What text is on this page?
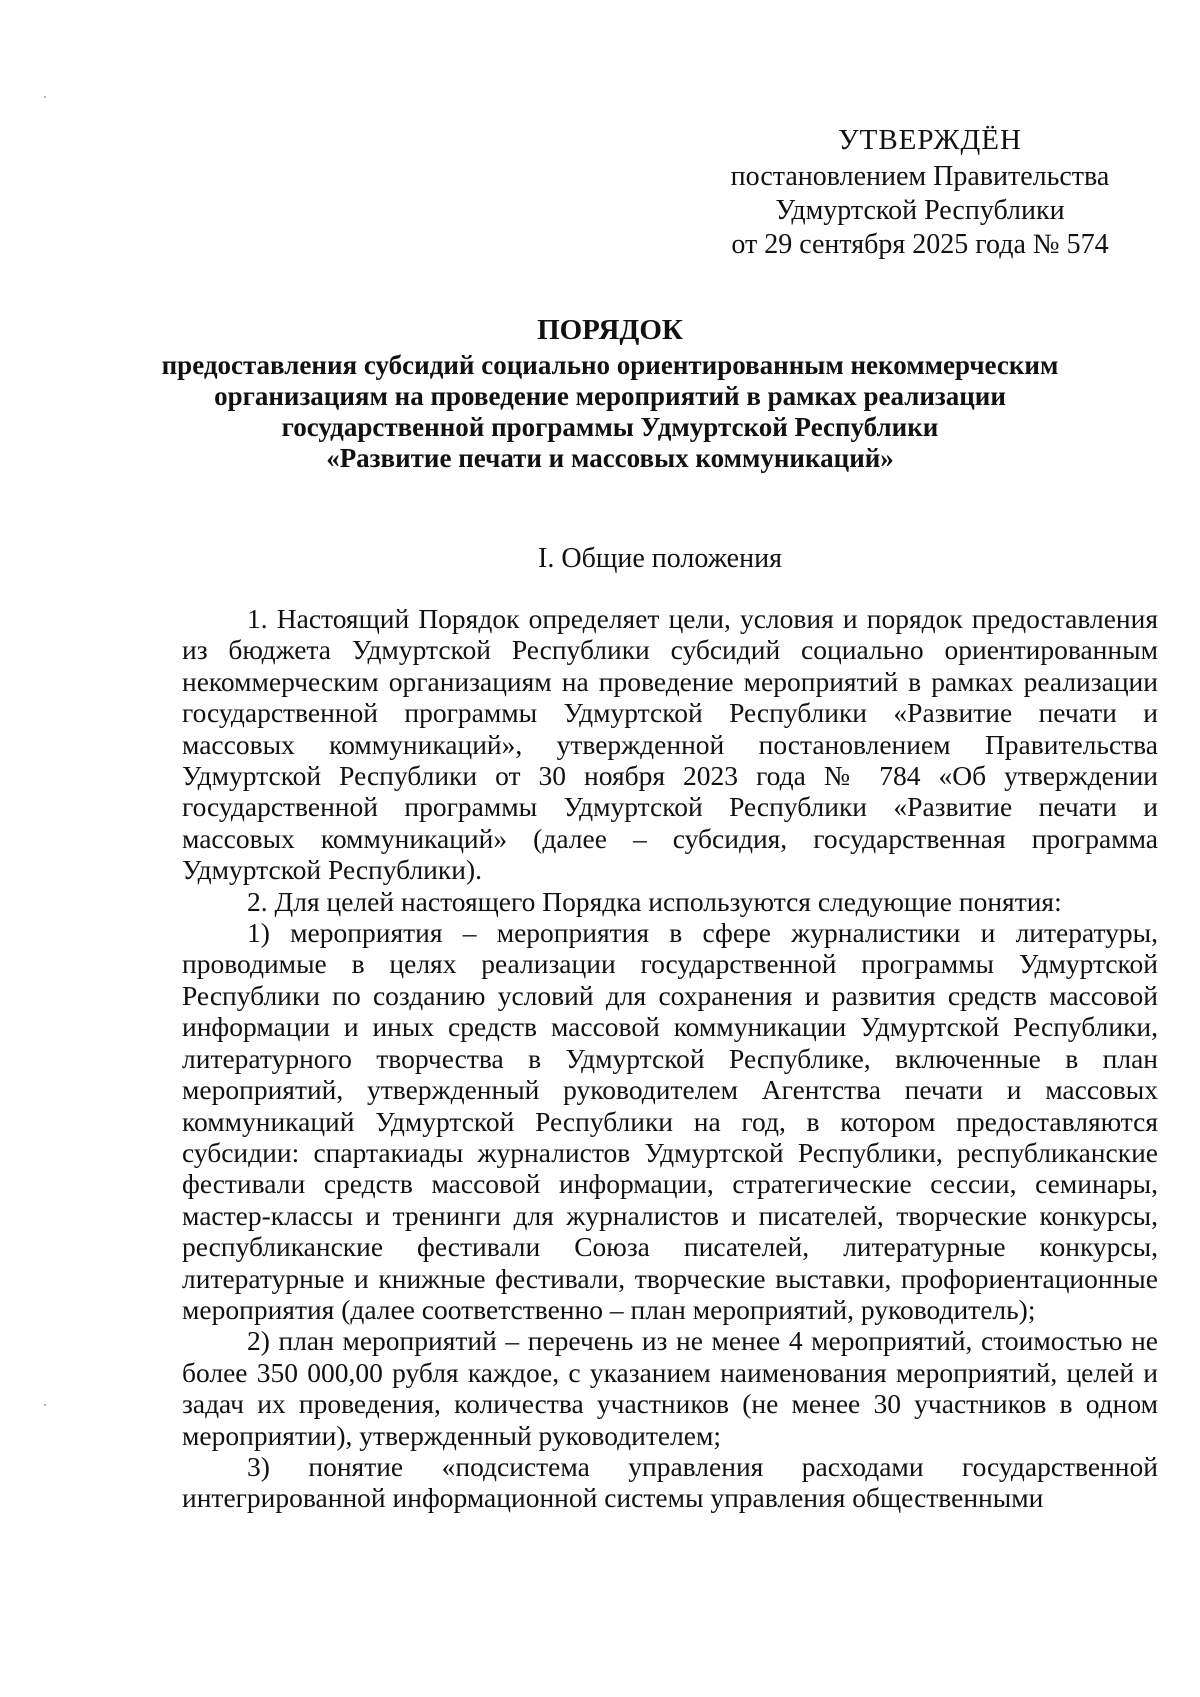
УТВЕРЖДЁН
постановлением Правительства
Удмуртской Республики
от 29 сентября 2025 года № 574
ПОРЯДОК
предоставления субсидий социально ориентированным некоммерческим
организациям на проведение мероприятий в рамках реализации
государственной программы Удмуртской Республики
«Развитие печати и массовых коммуникаций»
I. Общие положения

1. Настоящий Порядок определяет цели, условия и порядок предоставления из бюджета Удмуртской Республики субсидий социально ориентированным некоммерческим организациям на проведение мероприятий в рамках реализации государственной программы Удмуртской Республики «Развитие печати и массовых коммуникаций», утвержденной постановлением Правительства Удмуртской Республики от 30 ноября 2023 года № 784 «Об утверждении государственной программы Удмуртской Республики «Развитие печати и массовых коммуникаций» (далее – субсидия, государственная программа Удмуртской Республики).

2. Для целей настоящего Порядка используются следующие понятия:

1) мероприятия – мероприятия в сфере журналистики и литературы, проводимые в целях реализации государственной программы Удмуртской Республики по созданию условий для сохранения и развития средств массовой информации и иных средств массовой коммуникации Удмуртской Республики, литературного творчества в Удмуртской Республике, включенные в план мероприятий, утвержденный руководителем Агентства печати и массовых коммуникаций Удмуртской Республики на год, в котором предоставляются субсидии: спартакиады журналистов Удмуртской Республики, республиканские фестивали средств массовой информации, стратегические сессии, семинары, мастер-классы и тренинги для журналистов и писателей, творческие конкурсы, республиканские фестивали Союза писателей, литературные конкурсы, литературные и книжные фестивали, творческие выставки, профориентационные мероприятия (далее соответственно – план мероприятий, руководитель);

2) план мероприятий – перечень из не менее 4 мероприятий, стоимостью не более 350 000,00 рубля каждое, с указанием наименования мероприятий, целей и задач их проведения, количества участников (не менее 30 участников в одном мероприятии), утвержденный руководителем;

3) понятие «подсистема управления расходами государственной интегрированной информационной системы управления общественными
